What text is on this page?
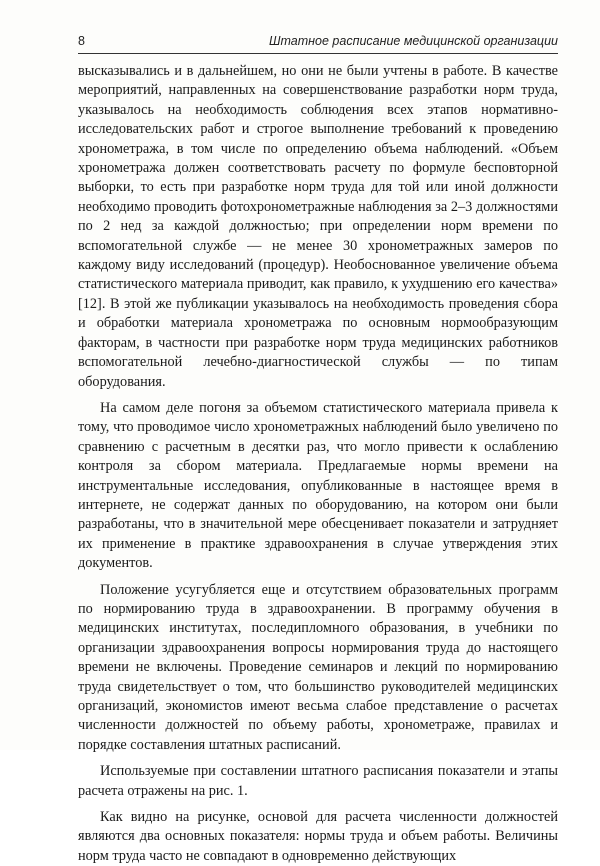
8	Штатное расписание медицинской организации

высказывались и в дальнейшем, но они не были учтены в работе. В качестве мероприятий, направленных на совершенствование разработки норм труда, указывалось на необходимость соблюдения всех этапов нормативно-исследовательских работ и строгое выполнение требований к проведению хронометража, в том числе по определению объема наблюдений. «Объем хронометража должен соответствовать расчету по формуле бесповторной выборки, то есть при разработке норм труда для той или иной должности необходимо проводить фотохронометражные наблюдения за 2–3 должностями по 2 нед за каждой должностью; при определении норм времени по вспомогательной службе — не менее 30 хронометражных замеров по каждому виду исследований (процедур). Необоснованное увеличение объема статистического материала приводит, как правило, к ухудшению его качества» [12]. В этой же публикации указывалось на необходимость проведения сбора и обработки материала хронометража по основным нормообразующим факторам, в частности при разработке норм труда медицинских работников вспомогательной лечебно-диагностической службы — по типам оборудования.

На самом деле погоня за объемом статистического материала привела к тому, что проводимое число хронометражных наблюдений было увеличено по сравнению с расчетным в десятки раз, что могло привести к ослаблению контроля за сбором материала. Предлагаемые нормы времени на инструментальные исследования, опубликованные в настоящее время в интернете, не содержат данных по оборудованию, на котором они были разработаны, что в значительной мере обесценивает показатели и затрудняет их применение в практике здравоохранения в случае утверждения этих документов.

Положение усугубляется еще и отсутствием образовательных программ по нормированию труда в здравоохранении. В программу обучения в медицинских институтах, последипломного образования, в учебники по организации здравоохранения вопросы нормирования труда до настоящего времени не включены. Проведение семинаров и лекций по нормированию труда свидетельствует о том, что большинство руководителей медицинских организаций, экономистов имеют весьма слабое представление о расчетах численности должностей по объему работы, хронометраже, правилах и порядке составления штатных расписаний.

Используемые при составлении штатного расписания показатели и этапы расчета отражены на рис. 1.

Как видно на рисунке, основой для расчета численности должностей являются два основных показателя: нормы труда и объем работы. Величины норм труда часто не совпадают в одновременно действующих
